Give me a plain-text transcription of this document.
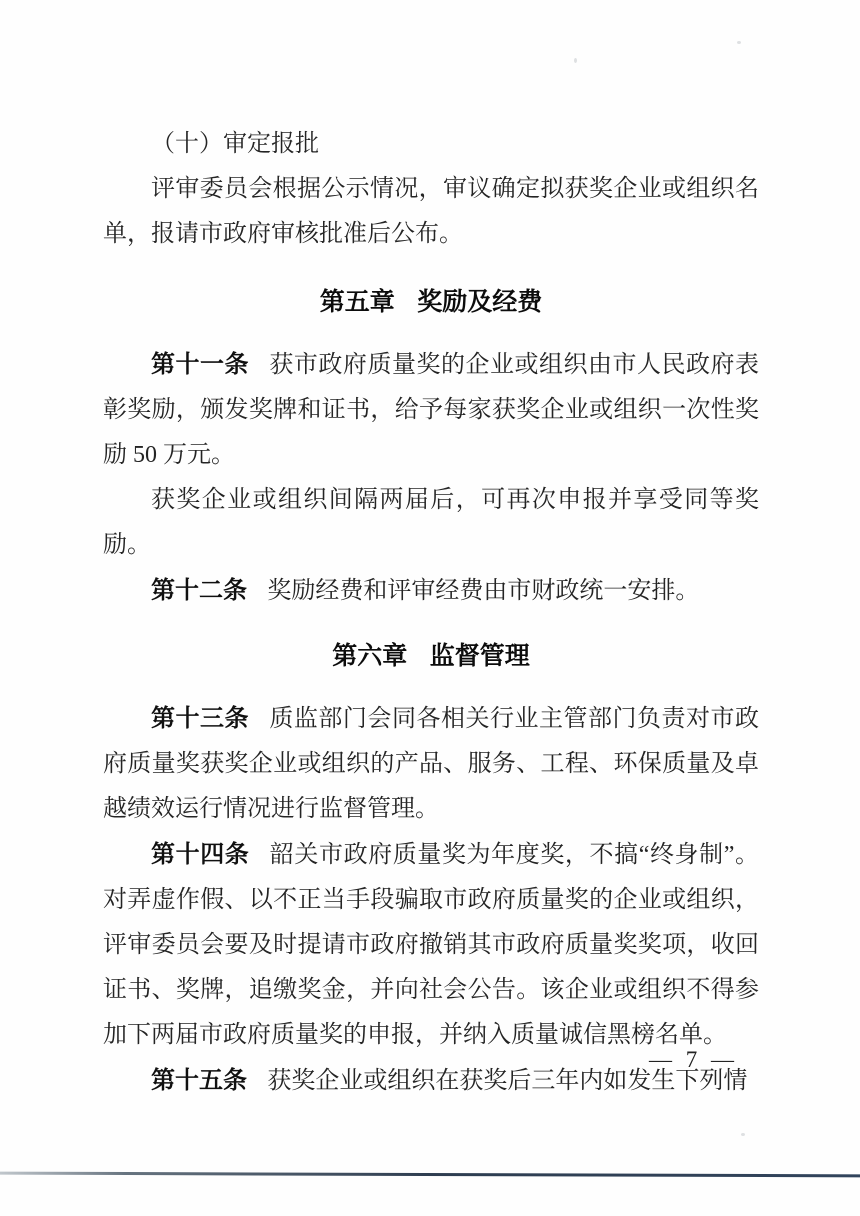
（十）审定报批

评审委员会根据公示情况，审议确定拟获奖企业或组织名单，报请市政府审核批准后公布。

第五章 奖励及经费

第十一条 获市政府质量奖的企业或组织由市人民政府表彰奖励，颁发奖牌和证书，给予每家获奖企业或组织一次性奖励 50 万元。

获奖企业或组织间隔两届后，可再次申报并享受同等奖励。

第十二条 奖励经费和评审经费由市财政统一安排。

第六章 监督管理

第十三条 质监部门会同各相关行业主管部门负责对市政府质量奖获奖企业或组织的产品、服务、工程、环保质量及卓越绩效运行情况进行监督管理。

第十四条 韶关市政府质量奖为年度奖，不搞“终身制”。对弄虚作假、以不正当手段骗取市政府质量奖的企业或组织，评审委员会要及时提请市政府撤销其市政府质量奖奖项，收回证书、奖牌，追缴奖金，并向社会公告。该企业或组织不得参加下两届市政府质量奖的申报，并纳入质量诚信黑榜名单。

第十五条 获奖企业或组织在获奖后三年内如发生下列情

— 7 —
